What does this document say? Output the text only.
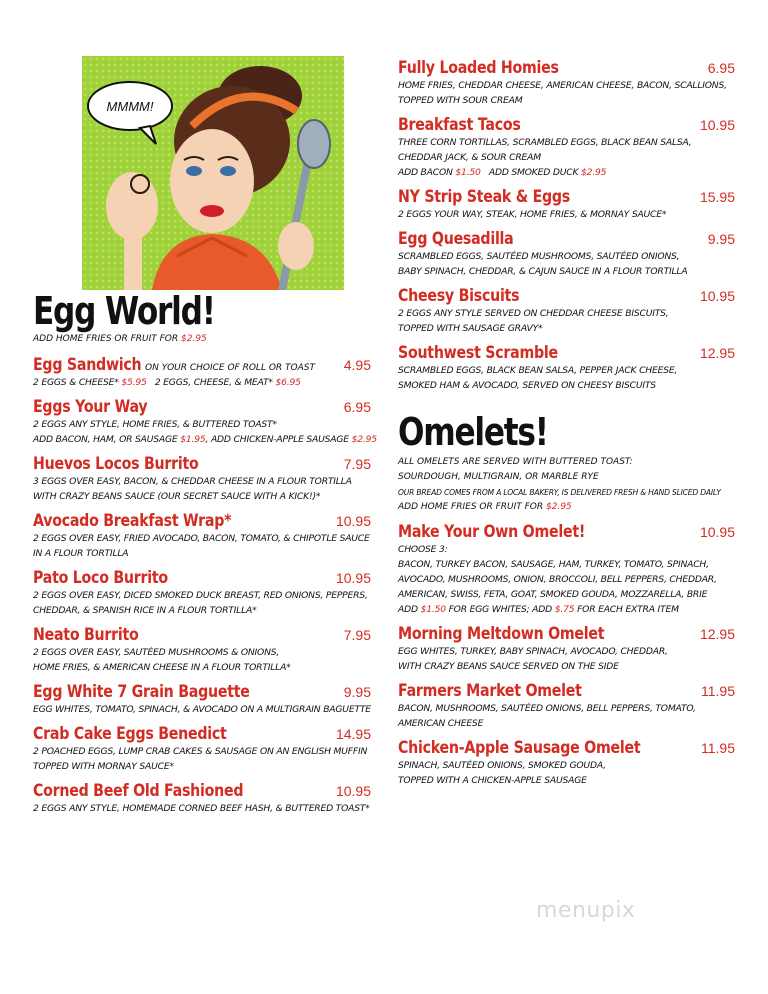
MMMM!
Egg World!
ADD HOME FRIES OR FRUIT FOR $2.95
Egg Sandwich ON YOUR CHOICE OF ROLL OR TOAST 4.95
2 EGGS & CHEESE* $5.95   2 EGGS, CHEESE, & MEAT* $6.95
Eggs Your Way	6.95
2 EGGS ANY STYLE, HOME FRIES, & BUTTERED TOAST*
ADD BACON, HAM, OR SAUSAGE $1.95, ADD CHICKEN-APPLE SAUSAGE $2.95
Huevos Locos Burrito	7.95
3 EGGS OVER EASY, BACON, & CHEDDAR CHEESE IN A FLOUR TORTILLA
WITH CRAZY BEANS SAUCE (OUR SECRET SAUCE WITH A KICK!)*
Avocado Breakfast Wrap*	10.95
2 EGGS OVER EASY, FRIED AVOCADO, BACON, TOMATO, & CHIPOTLE SAUCE
IN A FLOUR TORTILLA
Pato Loco Burrito	10.95
2 EGGS OVER EASY, DICED SMOKED DUCK BREAST, RED ONIONS, PEPPERS,
CHEDDAR, & SPANISH RICE IN A FLOUR TORTILLA*
Neato Burrito	7.95
2 EGGS OVER EASY, SAUTÉED MUSHROOMS & ONIONS,
HOME FRIES, & AMERICAN CHEESE IN A FLOUR TORTILLA*
Egg White 7 Grain Baguette	9.95
EGG WHITES, TOMATO, SPINACH, & AVOCADO ON A MULTIGRAIN BAGUETTE
Crab Cake Eggs Benedict	14.95
2 POACHED EGGS, LUMP CRAB CAKES & SAUSAGE ON AN ENGLISH MUFFIN
TOPPED WITH MORNAY SAUCE*
Corned Beef Old Fashioned	10.95
2 EGGS ANY STYLE, HOMEMADE CORNED BEEF HASH, & BUTTERED TOAST*
Fully Loaded Homies	6.95
HOME FRIES, CHEDDAR CHEESE, AMERICAN CHEESE, BACON, SCALLIONS,
TOPPED WITH SOUR CREAM
Breakfast Tacos	10.95
THREE CORN TORTILLAS, SCRAMBLED EGGS, BLACK BEAN SALSA,
CHEDDAR JACK, & SOUR CREAM
ADD BACON $1.50   ADD SMOKED DUCK $2.95
NY Strip Steak & Eggs	15.95
2 EGGS YOUR WAY, STEAK, HOME FRIES, & MORNAY SAUCE*
Egg Quesadilla	9.95
SCRAMBLED EGGS, SAUTÉED MUSHROOMS, SAUTÉED ONIONS,
BABY SPINACH, CHEDDAR, & CAJUN SAUCE IN A FLOUR TORTILLA
Cheesy Biscuits	10.95
2 EGGS ANY STYLE SERVED ON CHEDDAR CHEESE BISCUITS,
TOPPED WITH SAUSAGE GRAVY*
Southwest Scramble	12.95
SCRAMBLED EGGS, BLACK BEAN SALSA, PEPPER JACK CHEESE,
SMOKED HAM & AVOCADO, SERVED ON CHEESY BISCUITS
Omelets!
ALL OMELETS ARE SERVED WITH BUTTERED TOAST:
SOURDOUGH, MULTIGRAIN, OR MARBLE RYE
OUR BREAD COMES FROM A LOCAL BAKERY, IS DELIVERED FRESH & HAND SLICED DAILY
ADD HOME FRIES OR FRUIT FOR $2.95
Make Your Own Omelet!	10.95
CHOOSE 3:
BACON, TURKEY BACON, SAUSAGE, HAM, TURKEY, TOMATO, SPINACH,
AVOCADO, MUSHROOMS, ONION, BROCCOLI, BELL PEPPERS, CHEDDAR,
AMERICAN, SWISS, FETA, GOAT, SMOKED GOUDA, MOZZARELLA, BRIE
ADD $1.50 FOR EGG WHITES; ADD $.75 FOR EACH EXTRA ITEM
Morning Meltdown Omelet	12.95
EGG WHITES, TURKEY, BABY SPINACH, AVOCADO, CHEDDAR,
WITH CRAZY BEANS SAUCE SERVED ON THE SIDE
Farmers Market Omelet	11.95
BACON, MUSHROOMS, SAUTÉED ONIONS, BELL PEPPERS, TOMATO,
AMERICAN CHEESE
Chicken-Apple Sausage Omelet	11.95
SPINACH, SAUTÉED ONIONS, SMOKED GOUDA,
TOPPED WITH A CHICKEN-APPLE SAUSAGE
menupix
